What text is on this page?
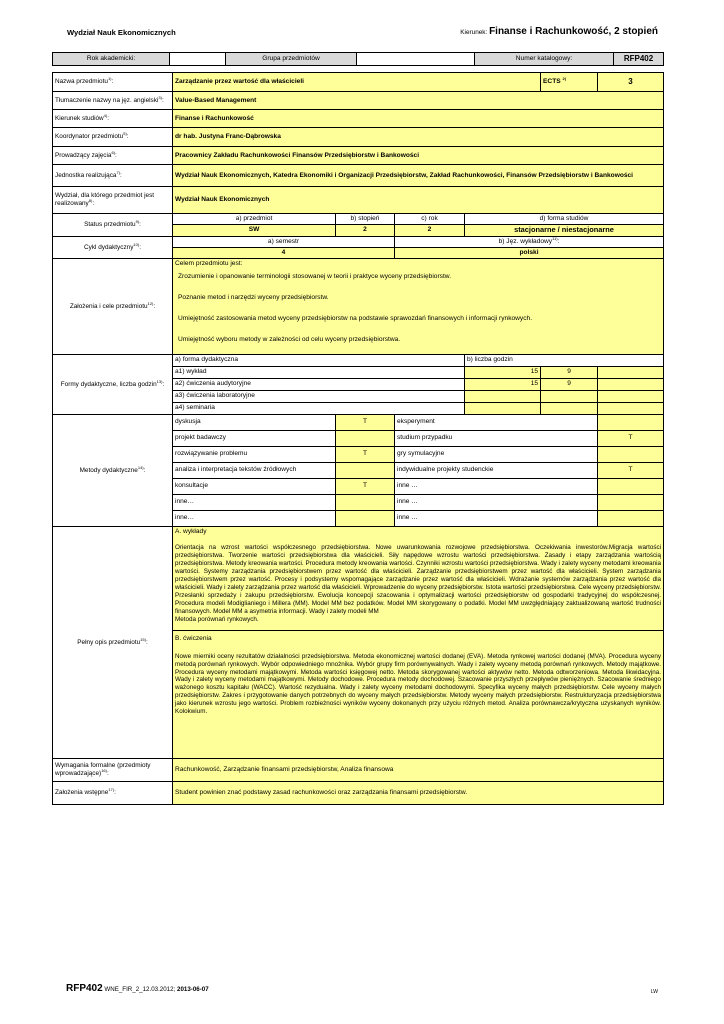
Wydział Nauk Ekonomicznych	Kierunek: Finanse i Rachunkowość, 2 stopień
Rok akademicki:		Grupa przedmiotów		Numer katalogowy:	RFP402
Nazwa przedmiotu$^{1)}$:	Zarządzanie przez wartość dla właścicieli				ECTS $^{2)}$	3
Tłumaczenie nazwy na jęz. angielski$^{3)}$:	Value-Based Management					
Kierunek studiów$^{4)}$:	Finanse i Rachunkowość					
Koordynator przedmiotu$^{5)}$:	dr hab. Justyna Franc-Dąbrowska					
Prowadzący zajęcia$^{6)}$:	Pracownicy Zakładu Rachunkowości Finansów Przedsiębiorstw i Bankowości					
Jednostka realizująca$^{7)}$:	Wydział Nauk Ekonomicznych, Katedra Ekonomiki i Organizacji Przedsiębiorstw, Zakład Rachunkowości, Finansów Przedsiębiorstw i Bankowości					
Wydział, dla którego przedmiot jest realizowany$^{8)}$:	Wydział Nauk Ekonomicznych					
Status przedmiotu$^{9)}$:	a) przedmiot	b) stopień	c) rok	d) forma studiów		
	SW	2	2	stacjonarne / niestacjonarne		
Cykl dydaktyczny$^{10)}$:	a) semestr		b) Jęz. wykładowy$^{11)}$:			
	4		polski			
Założenia i cele przedmiotu$^{12)}$:	Celem przedmiotu jest:
Zrozumienie i opanowanie terminologii stosowanej w teorii i praktyce wyceny przedsiębiorstw.
Poznanie metod i narzędzi wyceny przedsiębiorstw.
Umiejętność zastosowania metod wyceny przedsiębiorstw na podstawie sprawozdań finansowych i informacji rynkowych.
Umiejętność wyboru metody w zależności od celu wyceny przedsiębiorstwa.					

Formy dydaktyczne, liczba godzin$^{13)}$:	a) forma dydaktyczna			b) liczba godzin		
	a1) wykład			15	9	
	a2) ćwiczenia audytoryjne			15	9	
	a3) ćwiczenia laboratoryjne					
	a4) seminaria					
Metody dydaktyczne$^{14)}$:	dyskusja	T	eksperyment			
	projekt badawczy		studium przypadku			T
	rozwiązywanie problemu	T	gry symulacyjne			
	analiza i interpretacja tekstów źródłowych		indywidualne projekty studenckie			T
	konsultacje	T	inne …			
	inne…		inne …			
	inne…		inne …			
Pełny opis przedmiotu$^{15)}$:	A. wykłady
Orientacja na wzrost wartości współczesnego przedsiębiorstwa. Nowe uwarunkowania rozwojowe przedsiębiorstwa. Oczekiwania inwestorów.Migracja wartości przedsiębiorstwa. Tworzenie wartości przedsiębiorstwa dla właścicieli. Siły napędowe wzrostu wartości przedsiębiorstwa. Zasady i etapy zarządzania wartością przedsiębiorstwa. Metody kreowania wartości. Procedura metody kreowania wartości. Czynniki wzrostu wartości przedsiębiorstwa. Wady i zalety wyceny metodami kreowania wartości. Systemy zarządzania przedsiębiorstwem przez wartość dla właścicieli. Zarządzanie przedsiębiorstwem przez wartość dla właścicieli. System zarządzania przedsiębiorstwem przez wartość. Procesy i podsystemy wspomagające zarządzanie przez wartość dla właścicieli. Wdrażanie systemów zarządzania przez wartość dla właścicieli. Wady i zalety zarządzania przez wartość dla właścicieli. Wprowadzenie do wyceny przedsiębiorstw. Istota wartości przedsiębiorstwa. Cele wyceny przedsiębiorstw. Przesłanki sprzedaży i zakupu przedsiębiorstw. Ewolucja koncepcji szacowania i optymalizacji wartości przedsiębiorstw od gospodarki tradycyjnej do współczesnej. Procedura modeli Modiglianiego i Millera (MM). Model MM bez podatków. Model MM skorygowany o podatki. Model MM uwzględniający zaktualizowaną wartość trudności finansowych. Model MM a asymetria informacji. Wady i zalety modeli MM
Metoda porównań rynkowych.
B. ćwiczenia
Nowe mierniki oceny rezultatów działalności przedsiębiorstwa. Metoda ekonomicznej wartości dodanej (EVA). Metoda rynkowej wartości dodanej (MVA). Procedura wyceny metodą porównań rynkowych. Wybór odpowiedniego mnożnika. Wybór grupy firm porównywalnych. Wady i zalety wyceny metodą porównań rynkowych. Metody majątkowe. Procedura wyceny metodami majątkowymi. Metoda wartości księgowej netto. Metoda skorygowanej wartości aktywów netto. Metoda odtworzeniowa. Metoda likwidacyjna. Wady i zalety wyceny metodami majątkowymi. Metody dochodowe. Procedura metody dochodowej. Szacowanie przyszłych przepływów pieniężnych. Szacowanie średniego ważonego kosztu kapitału (WACC). Wartość rezydualna. Wady i zalety wyceny metodami dochodowymi. Specyfika wyceny małych przedsiębiorstw. Cele wyceny małych przedsiębiorstw. Zakres i przygotowanie danych potrzebnych do wyceny małych przedsiębiorstw. Metody wyceny małych przedsiębiorstw. Restrukturyzacja przedsiębiorstwa jako kierunek wzrostu jego wartości. Problem rozbieżności wyników wyceny dokonanych przy użyciu różnych metod. Analiza porównawcza/krytyczna uzyskanych wyników. Kolokwium.					

Wymagania formalne (przedmioty wprowadzające)$^{16)}$:	Rachunkowość, Zarządzanie finansami przedsiębiorstw, Analiza finansowa					
Założenia wstępne$^{17)}$:	Student powinien znać podstawy zasad rachunkowości oraz zarządzania finansami przedsiębiorstw.					
RFP402 WNE_FIR_2_12.03.2012; 2013-06-07	LW
